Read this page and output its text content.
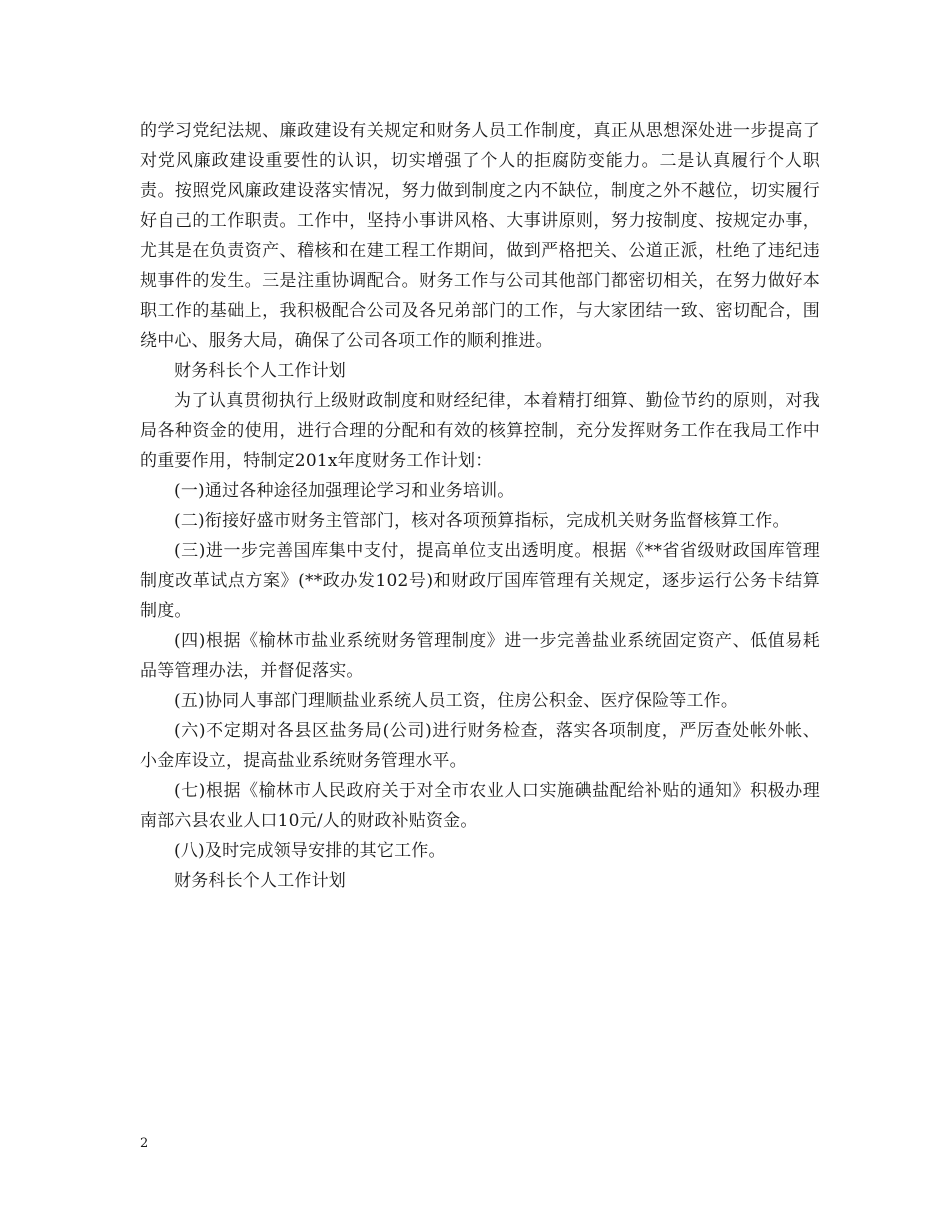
的学习党纪法规、廉政建设有关规定和财务人员工作制度，真正从思想深处进一步提高了对党风廉政建设重要性的认识，切实增强了个人的拒腐防变能力。二是认真履行个人职责。按照党风廉政建设落实情况，努力做到制度之内不缺位，制度之外不越位，切实履行好自己的工作职责。工作中，坚持小事讲风格、大事讲原则，努力按制度、按规定办事，尤其是在负责资产、稽核和在建工程工作期间，做到严格把关、公道正派，杜绝了违纪违规事件的发生。三是注重协调配合。财务工作与公司其他部门都密切相关，在努力做好本职工作的基础上，我积极配合公司及各兄弟部门的工作，与大家团结一致、密切配合，围绕中心、服务大局，确保了公司各项工作的顺利推进。

财务科长个人工作计划

为了认真贯彻执行上级财政制度和财经纪律，本着精打细算、勤俭节约的原则，对我局各种资金的使用，进行合理的分配和有效的核算控制，充分发挥财务工作在我局工作中的重要作用，特制定201x年度财务工作计划：

(一)通过各种途径加强理论学习和业务培训。

(二)衔接好盛市财务主管部门，核对各项预算指标，完成机关财务监督核算工作。

(三)进一步完善国库集中支付，提高单位支出透明度。根据《**省省级财政国库管理制度改革试点方案》(**政办发102号)和财政厅国库管理有关规定，逐步运行公务卡结算制度。

(四)根据《榆林市盐业系统财务管理制度》进一步完善盐业系统固定资产、低值易耗品等管理办法，并督促落实。

(五)协同人事部门理顺盐业系统人员工资，住房公积金、医疗保险等工作。

(六)不定期对各县区盐务局(公司)进行财务检查，落实各项制度，严厉查处帐外帐、小金库设立，提高盐业系统财务管理水平。

(七)根据《榆林市人民政府关于对全市农业人口实施碘盐配给补贴的通知》积极办理南部六县农业人口10元/人的财政补贴资金。

(八)及时完成领导安排的其它工作。

财务科长个人工作计划

2
